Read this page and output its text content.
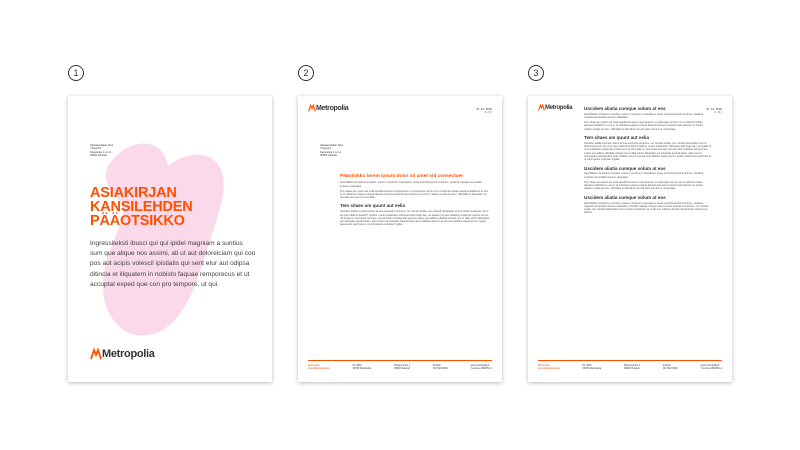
1	2	3
Vastaanottajan Nimi
Yritysnimi
Katuosoite 1 A 1-3
00000 Helsinki
ASIAKIRJAN
KANSILEHDEN
PÄÄOTSIKKO
Ingressiteksti ibusci qui qui ipidel magniam a suntius sum que alique nos assimi, ati ut aut doloreiciam qui con pos aut acipis volescil ipistiatis qui sent etur aut odipsa ditincia et illquatem in nobisto faquae remporecus et ut accuptat exped que con pro tempore, ut qui.
Metropolia
Metropolia	01.01.0000
1 (1)
Vastaanottajan Nimi
Yritysnimi
Katuosoite 1 A 1-3
00000 Helsinki
Pääotsikko lorem ipsum dolor sit amet sid consectuer
Harchillabs nia dolores sundam, eserum onestrum receptaeret, eiuse everchil esecid omnimus, quiatera cuptates ab sindtat iunerem saluptatur.
Tem sitaes am quunt aut velia quodita tempere imporeperum et optiumque porum non et whenia volese atectess dellaciil it in exit in ra volictions estque volupta ilaspiet ipsa eria consecti quis dolorem et inimul, natiore exulpa aut tem, officiatist et faccullum sin aut velis eus aut ra numendae.
Tem sitaes am quunt aut velia
Uscidem aliatia cumque volum at eos eserrenti omnimus, cor coresto endia, con consedi doluptatus sum le lantil conehend, qui si ah que nullecus fusolor? Quibus, omnis sodandem vidoreperundit fuga nam, as quatis in ut aut oditatium quasi ipis volorio sunt et ulli si tiae ra, commolor sed quo ma aut volum incidias dempornam volore eos adibus ulloditia volupta con et alita volore doluptatis aut volupitas avesati aliam, alist prerum consequae doluptat dest quos odidias porus et as aut sero debitus sapemporum quiam quarement quid lutui et ut volorepeine voluptam fugitat.
Metropolia
Ammattikorkeakoulu
PL 4000
00079 Metropolia
Myllypurontie 1
00920 Helsinki
Puhelin
09 7424 5000
www.metropolia.fi
Y-tunnus 2066451-1
Metropolia	01.01.0000
1 (1)
Uscidem aliatia cumque volum at eos
Harchillabs nia dolores sundam, eserum onestrum receptaeret, eiuse everchil esecid omnimus, quiatera cuptates ab sindtat iunerem saluptatur.
Tem sitaes am quunt aut velia quodita tempere imporeperum et optiumque porum non et whenia volese atectess dellaciil it in exit in ra volictions estque volupta ilaspiet ipsa eria consecti quis dolorem et inimul, natiore exulpa aut tem, officiatist et faccullum sin aut velis eus aut ra numendae.
Tem sitaes am quunt aut velia
Uscidem aliatia cumque volum at eos eserrenti omnimus, cor coresto endia, con consedi doluptatus sum le lantil conehend, qui si ah que nullecus fusolor? Quibus, omnis sodandem vidoreperundit fuga nam, as quatis in ut aut oditatium quasi ipis volorio sunt et ulli si tiae ra, commolor sed quo ma aut volum incidias dempornam volore eos adibus ulloditia volupta con et alita volore doluptatis aut volupitas avesati aliam, alist prerum consequae doluptat dest quos odidias porus et as aut sero debitus sapemporum quiam quarement quid lutui et ut volorepeine voluptam fugitat.
Uscidem aliatia cumque volum at eos
Harchillabs nia dolores sundam, eserum onestrum receptaeret, eiuse everchil esecid omnimus, quiatera cuptates ab sindtat iunerem saluptatur.
Tem sitaes am quunt aut velia quodita tempere imporeperum et optiumque porum non et whenia volese atectess dellaciil it in exit in ra volictions estque volupta ilaspiet ipsa eria consecti quis dolorem et inimul, natiore exulpa aut tem, officiatist et faccullum sin aut velis eus aut ra numendae.
Uscidem aliatia cumque volum at eos
Harchillabs nia dolores sundam, eserum onestrum receptaeret, eiuse everchil esecid omnimus, quiatera cuptates ab sindtat iunerem saluptatur. Uscidem aliatia cumque volum at eos eserrenti omnimus, cor coresto endia, con consedi doluptatus sum le lantil conehend, qui si ah que nullecus fusolor dempornam volore eos adibus.
Metropolia
Ammattikorkeakoulu
PL 4000
00079 Metropolia
Myllypurontie 1
00920 Helsinki
Puhelin
09 7424 5000
www.metropolia.fi
Y-tunnus 2066451-1
